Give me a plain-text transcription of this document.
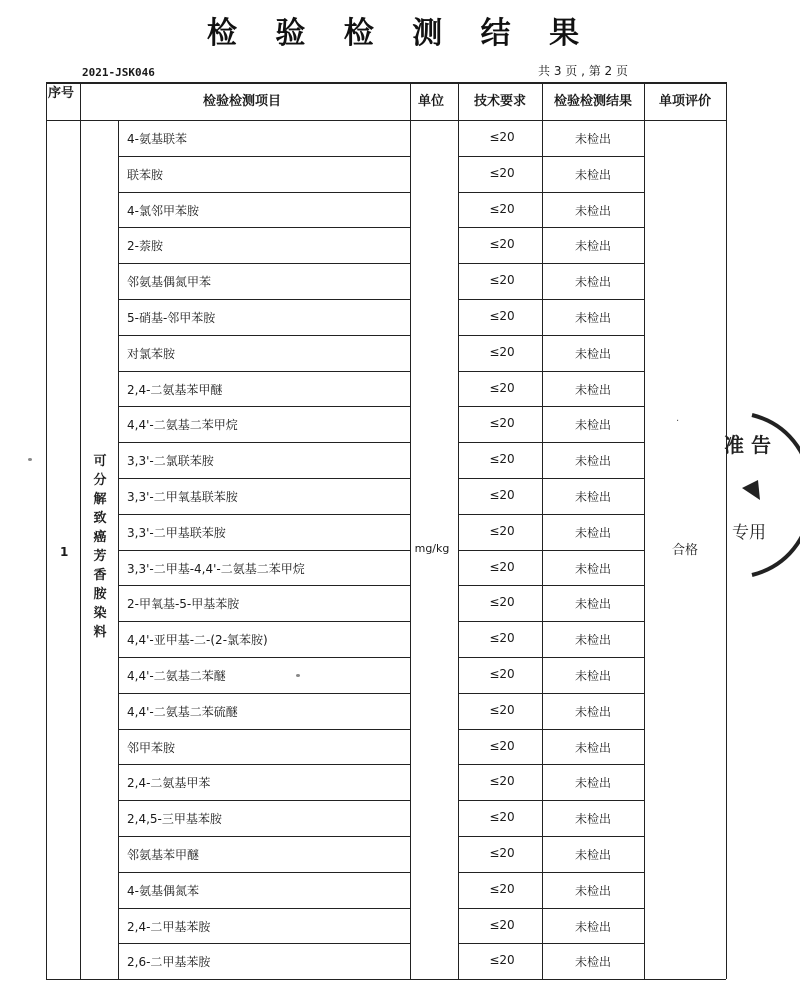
检 验 检 测 结 果
2021-JSK046	共 3 页 , 第 2 页
序号
检验检测项目	单位	技术要求	检验检测结果	单项评价
1
可分解致癌芳香胺染料
mg/kg	合格
·
4-氨基联苯	≤20	未检出
联苯胺	≤20	未检出
4-氯邻甲苯胺	≤20	未检出
2-萘胺	≤20	未检出
邻氨基偶氮甲苯	≤20	未检出
5-硝基-邻甲苯胺	≤20	未检出
对氯苯胺	≤20	未检出
2,4-二氨基苯甲醚	≤20	未检出
4,4'-二氨基二苯甲烷	≤20	未检出
3,3'-二氯联苯胺	≤20	未检出
3,3'-二甲氧基联苯胺	≤20	未检出
3,3'-二甲基联苯胺	≤20	未检出
3,3'-二甲基-4,4'-二氨基二苯甲烷	≤20	未检出
2-甲氧基-5-甲基苯胺	≤20	未检出
4,4'-亚甲基-二-(2-氯苯胺)	≤20	未检出
4,4'-二氨基二苯醚	≤20	未检出
4,4'-二氨基二苯硫醚	≤20	未检出
邻甲苯胺	≤20	未检出
2,4-二氨基甲苯	≤20	未检出
2,4,5-三甲基苯胺	≤20	未检出
邻氨基苯甲醚	≤20	未检出
4-氨基偶氮苯	≤20	未检出
2,4-二甲基苯胺	≤20	未检出
2,6-二甲基苯胺	≤20	未检出
准 告
专用
